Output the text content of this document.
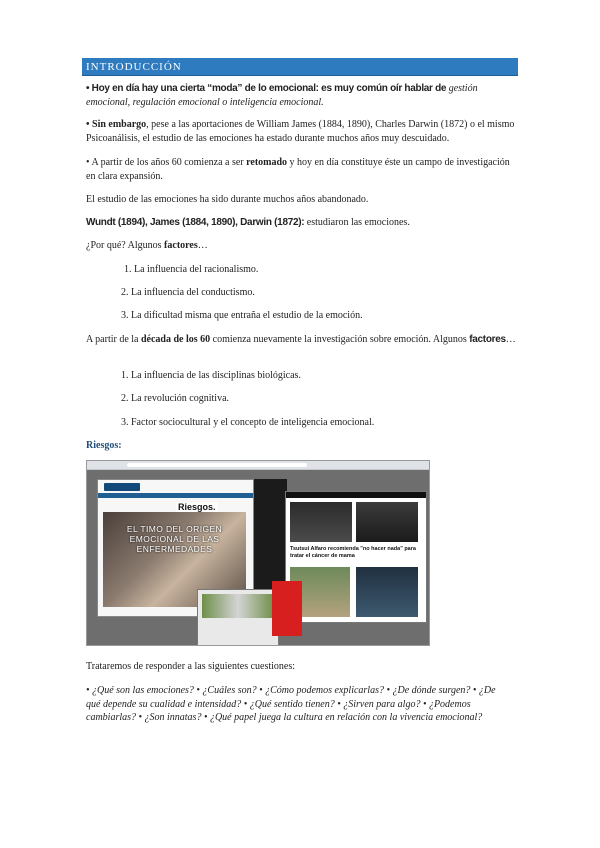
INTRODUCCIÓN
• Hoy en día hay una cierta “moda” de lo emocional: es muy común oír hablar de gestión emocional, regulación emocional o inteligencia emocional.
• Sin embargo, pese a las aportaciones de William James (1884, 1890), Charles Darwin (1872) o el mismo Psicoanálisis, el estudio de las emociones ha estado durante muchos años muy descuidado.
• A partir de los años 60 comienza a ser retomado y hoy en día constituye éste un campo de investigación en clara expansión.
El estudio de las emociones ha sido durante muchos años abandonado.
Wundt (1894), James (1884, 1890), Darwin (1872): estudiaron las emociones.
¿Por qué? Algunos factores…
1. La influencia del racionalismo.
2. La influencia del conductismo.
3. La dificultad misma que entraña el estudio de la emoción.
A partir de la década de los 60 comienza nuevamente la investigación sobre emoción. Algunos factores…
1. La influencia de las disciplinas biológicas.
2. La revolución cognitiva.
3. Factor sociocultural y el concepto de inteligencia emocional.
Riesgos:
EL TIMO DEL ORIGEN EMOCIONAL DE LAS ENFERMEDADES
Riesgos.
Tsutsui Alfaro recomienda "no hacer nada" para tratar el cáncer de mama
Trataremos de responder a las siguientes cuestiones:
• ¿Qué son las emociones? • ¿Cuáles son? • ¿Cómo podemos explicarlas? • ¿De dónde surgen? • ¿De qué depende su cualidad e intensidad? • ¿Qué sentido tienen? • ¿Sirven para algo? • ¿Podemos cambiarlas? • ¿Son innatas? • ¿Qué papel juega la cultura en relación con la vivencia emocional?
